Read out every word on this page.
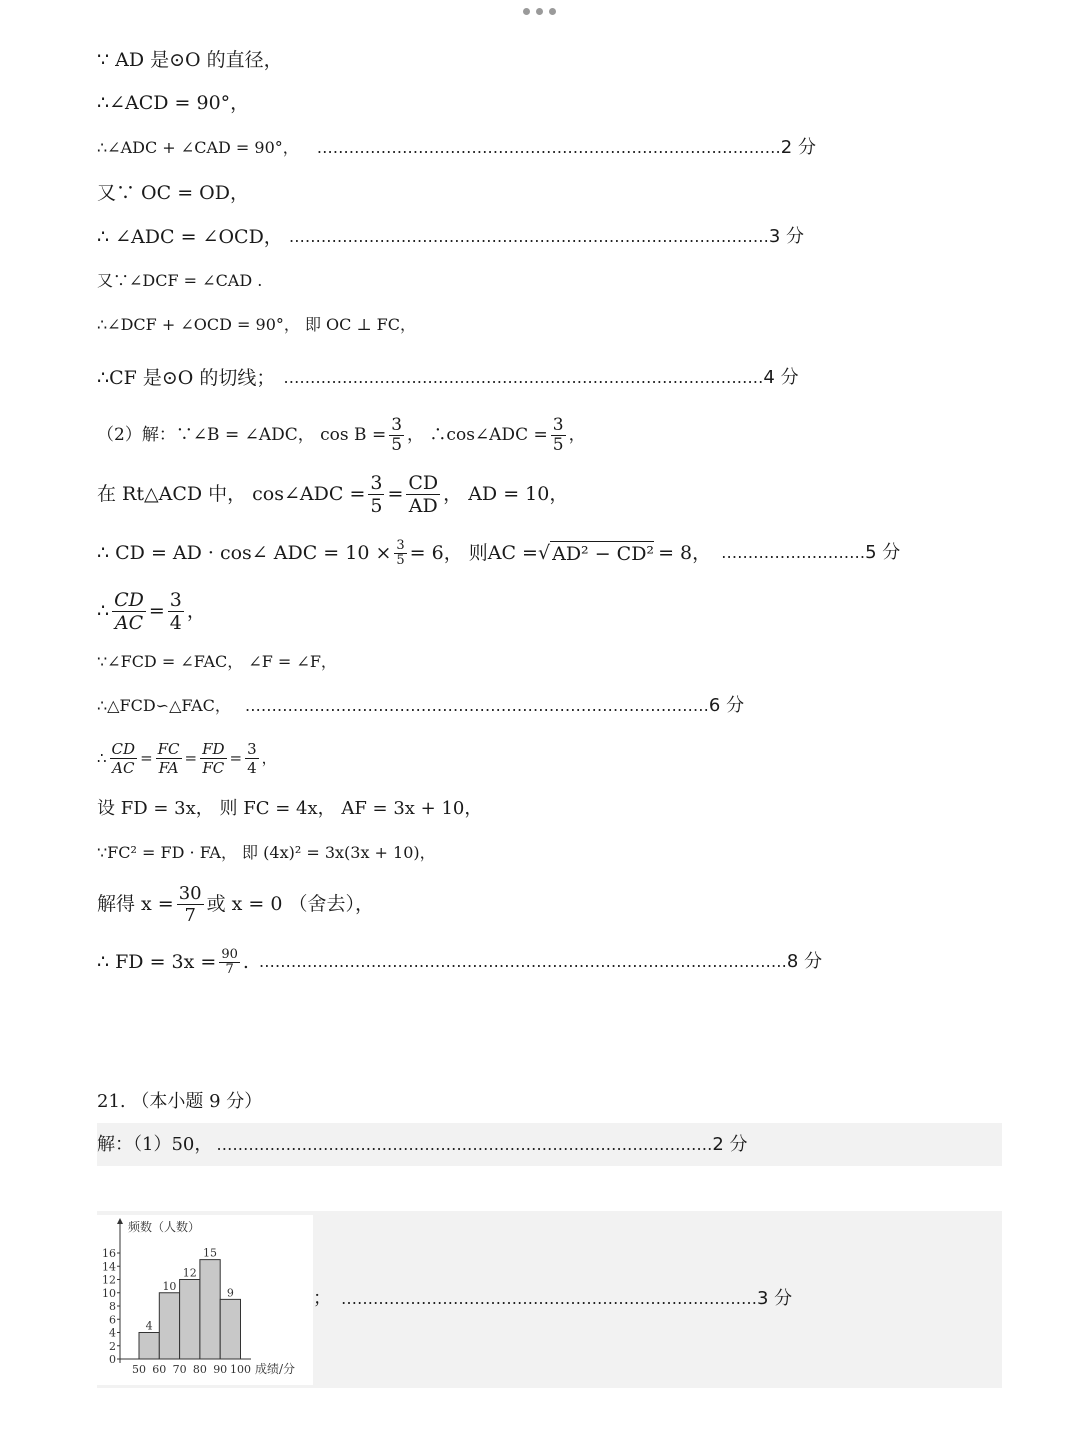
∵ AD 是⊙O 的直径，
∴∠ACD = 90°，
∴∠ADC + ∠CAD = 90°， …………………………………………………………………………… 2 分
又∵ OC = OD，
∴ ∠ADC = ∠OCD， ……………………………………………………………………………… 3 分
又∵∠DCF = ∠CAD .
∴∠DCF + ∠OCD = 90°， 即 OC ⊥ FC，
∴CF 是⊙O 的切线； ……………………………………………………………………………… 4 分
（2）解：∵∠B = ∠ADC， $\cos B = \frac{3}{5}$ ， ∴cos∠ADC = $\frac{3}{5}$ ，
在 Rt△ACD 中， cos∠ADC = $\frac{3}{5} = \frac{CD}{AD}$ ， AD = 10，
∴ CD = AD · cos∠ ADC = $10 \times \frac{3}{5} = 6$， 则AC = √ AD² − CD² = 8， ……………………… 5 分
∴ $\frac{CD}{AC} = \frac{3}{4}$ ，
∵∠FCD = ∠FAC， ∠F = ∠F，
∴△FCD∽△FAC， …………………………………………………………………………… 6 分
∴ $\frac{CD}{AC} = \frac{FC}{FA} = \frac{FD}{FC} = \frac{3}{4}$ ，
设 FD = 3x， 则 FC = 4x， AF = 3x + 10，
∵FC² = FD · FA， 即 (4x)² = 3x(3x + 10)，
解得 $x = \frac{30}{7}$ 或 x = 0 （舍去），
∴ FD = $3x = \frac{90}{7}$ . ……………………………………………………………………………………… 8 分
21. （本小题 9 分）
解：（1）50， ………………………………………………………………………………… 2 分
频数（人数）
成绩/分
4
10
12
15
9
0
2
4
6
8
10
12
14
16
50 60 70 80 90 100
； …………………………………………………………………… 3 分
